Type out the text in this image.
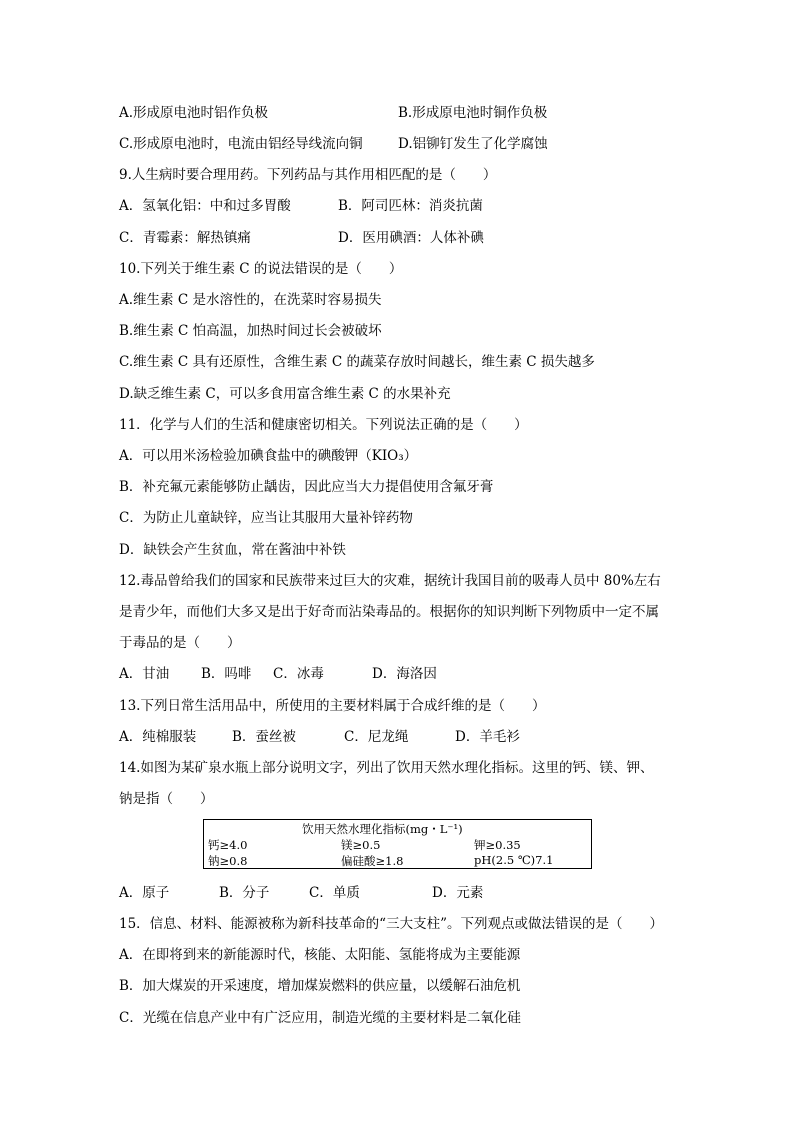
A.形成原电池时铝作负极	B.形成原电池时铜作负极
C.形成原电池时，电流由铝经导线流向铜	D.铝铆钉发生了化学腐蚀
9.人生病时要合理用药。下列药品与其作用相匹配的是（　　）
A．氢氧化铝：中和过多胃酸	B．阿司匹林：消炎抗菌
C．青霉素：解热镇痛	D．医用碘酒：人体补碘
10.下列关于维生素 C 的说法错误的是（　　）
A.维生素 C 是水溶性的，在洗菜时容易损失
B.维生素 C 怕高温，加热时间过长会被破坏
C.维生素 C 具有还原性，含维生素 C 的蔬菜存放时间越长，维生素 C 损失越多
D.缺乏维生素 C，可以多食用富含维生素 C 的水果补充
11．化学与人们的生活和健康密切相关。下列说法正确的是（　　）
A．可以用米汤检验加碘食盐中的碘酸钾（KIO₃）
B．补充氟元素能够防止龋齿，因此应当大力提倡使用含氟牙膏
C．为防止儿童缺锌，应当让其服用大量补锌药物
D．缺铁会产生贫血，常在酱油中补铁
12.毒品曾给我们的国家和民族带来过巨大的灾难，据统计我国目前的吸毒人员中 80%左右
是青少年，而他们大多又是出于好奇而沾染毒品的。根据你的知识判断下列物质中一定不属
于毒品的是（　　）
A．甘油 B．吗啡 C．冰毒	D．海洛因
13.下列日常生活用品中，所使用的主要材料属于合成纤维的是（　　）
A．纯棉服装	B．蚕丝被	C．尼龙绳	D．羊毛衫
14.如图为某矿泉水瓶上部分说明文字，列出了饮用天然水理化指标。这里的钙、镁、钾、
钠是指（　　）
饮用天然水理化指标(mg・L⁻¹)
钙≥4.0	镁≥0.5	钾≥0.35
钠≥0.8	偏硅酸≥1.8	pH(2.5 ℃)7.1
A．原子	B．分子	C．单质	D．元素
15．信息、材料、能源被称为新科技革命的“三大支柱”。下列观点或做法错误的是（　　）
A．在即将到来的新能源时代，核能、太阳能、氢能将成为主要能源
B．加大煤炭的开采速度，增加煤炭燃料的供应量，以缓解石油危机
C．光缆在信息产业中有广泛应用，制造光缆的主要材料是二氧化硅
